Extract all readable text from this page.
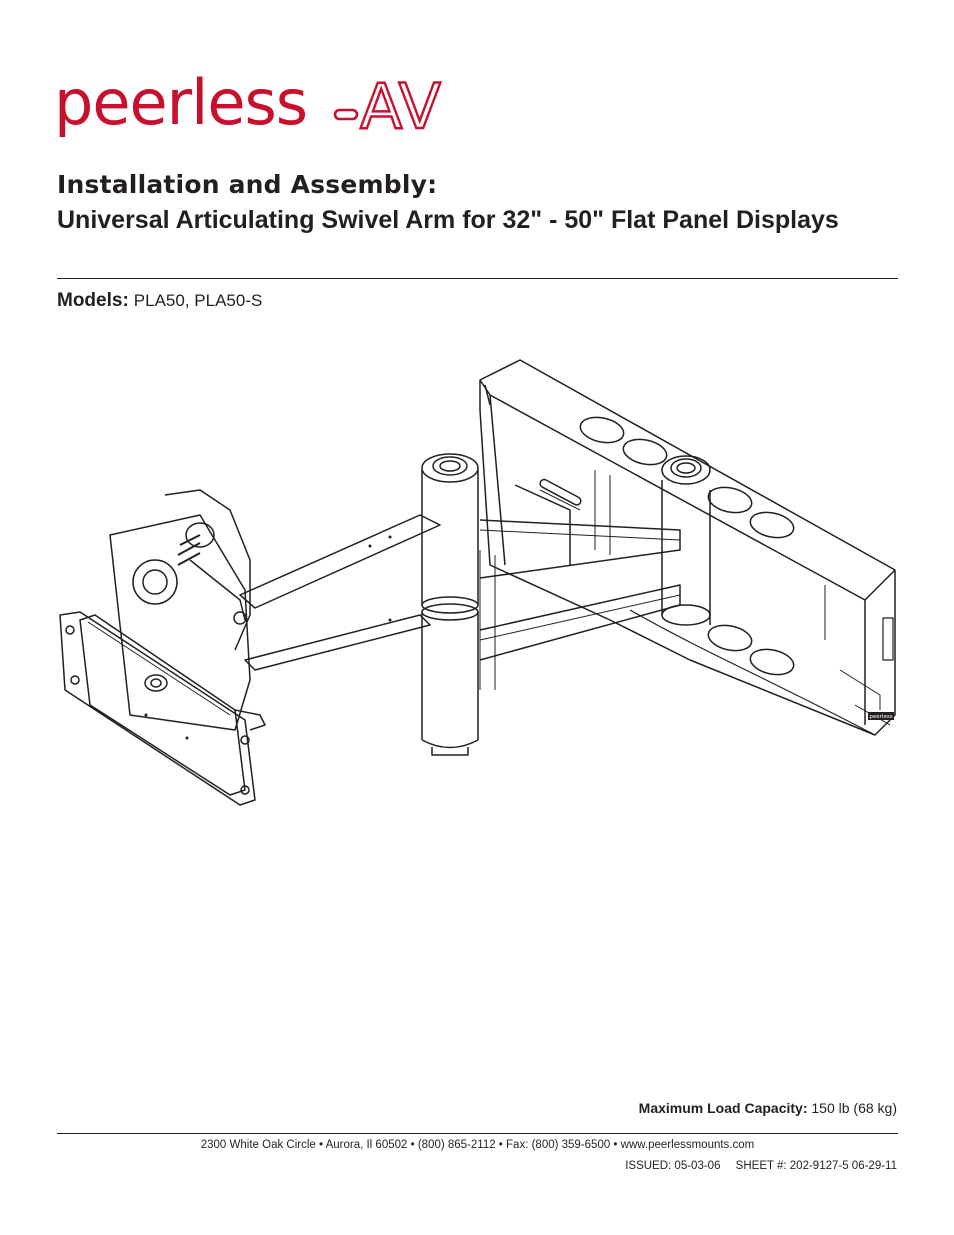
peerless AV
Installation and Assembly:
Universal Articulating Swivel Arm for 32" - 50" Flat Panel Displays
Models: PLA50, PLA50-S
peerless
Maximum Load Capacity: 150 lb (68 kg)
2300 White Oak Circle • Aurora, Il 60502 • (800) 865-2112 • Fax: (800) 359-6500 • www.peerlessmounts.com
ISSUED: 05-03-06 SHEET #: 202-9127-5 06-29-11
